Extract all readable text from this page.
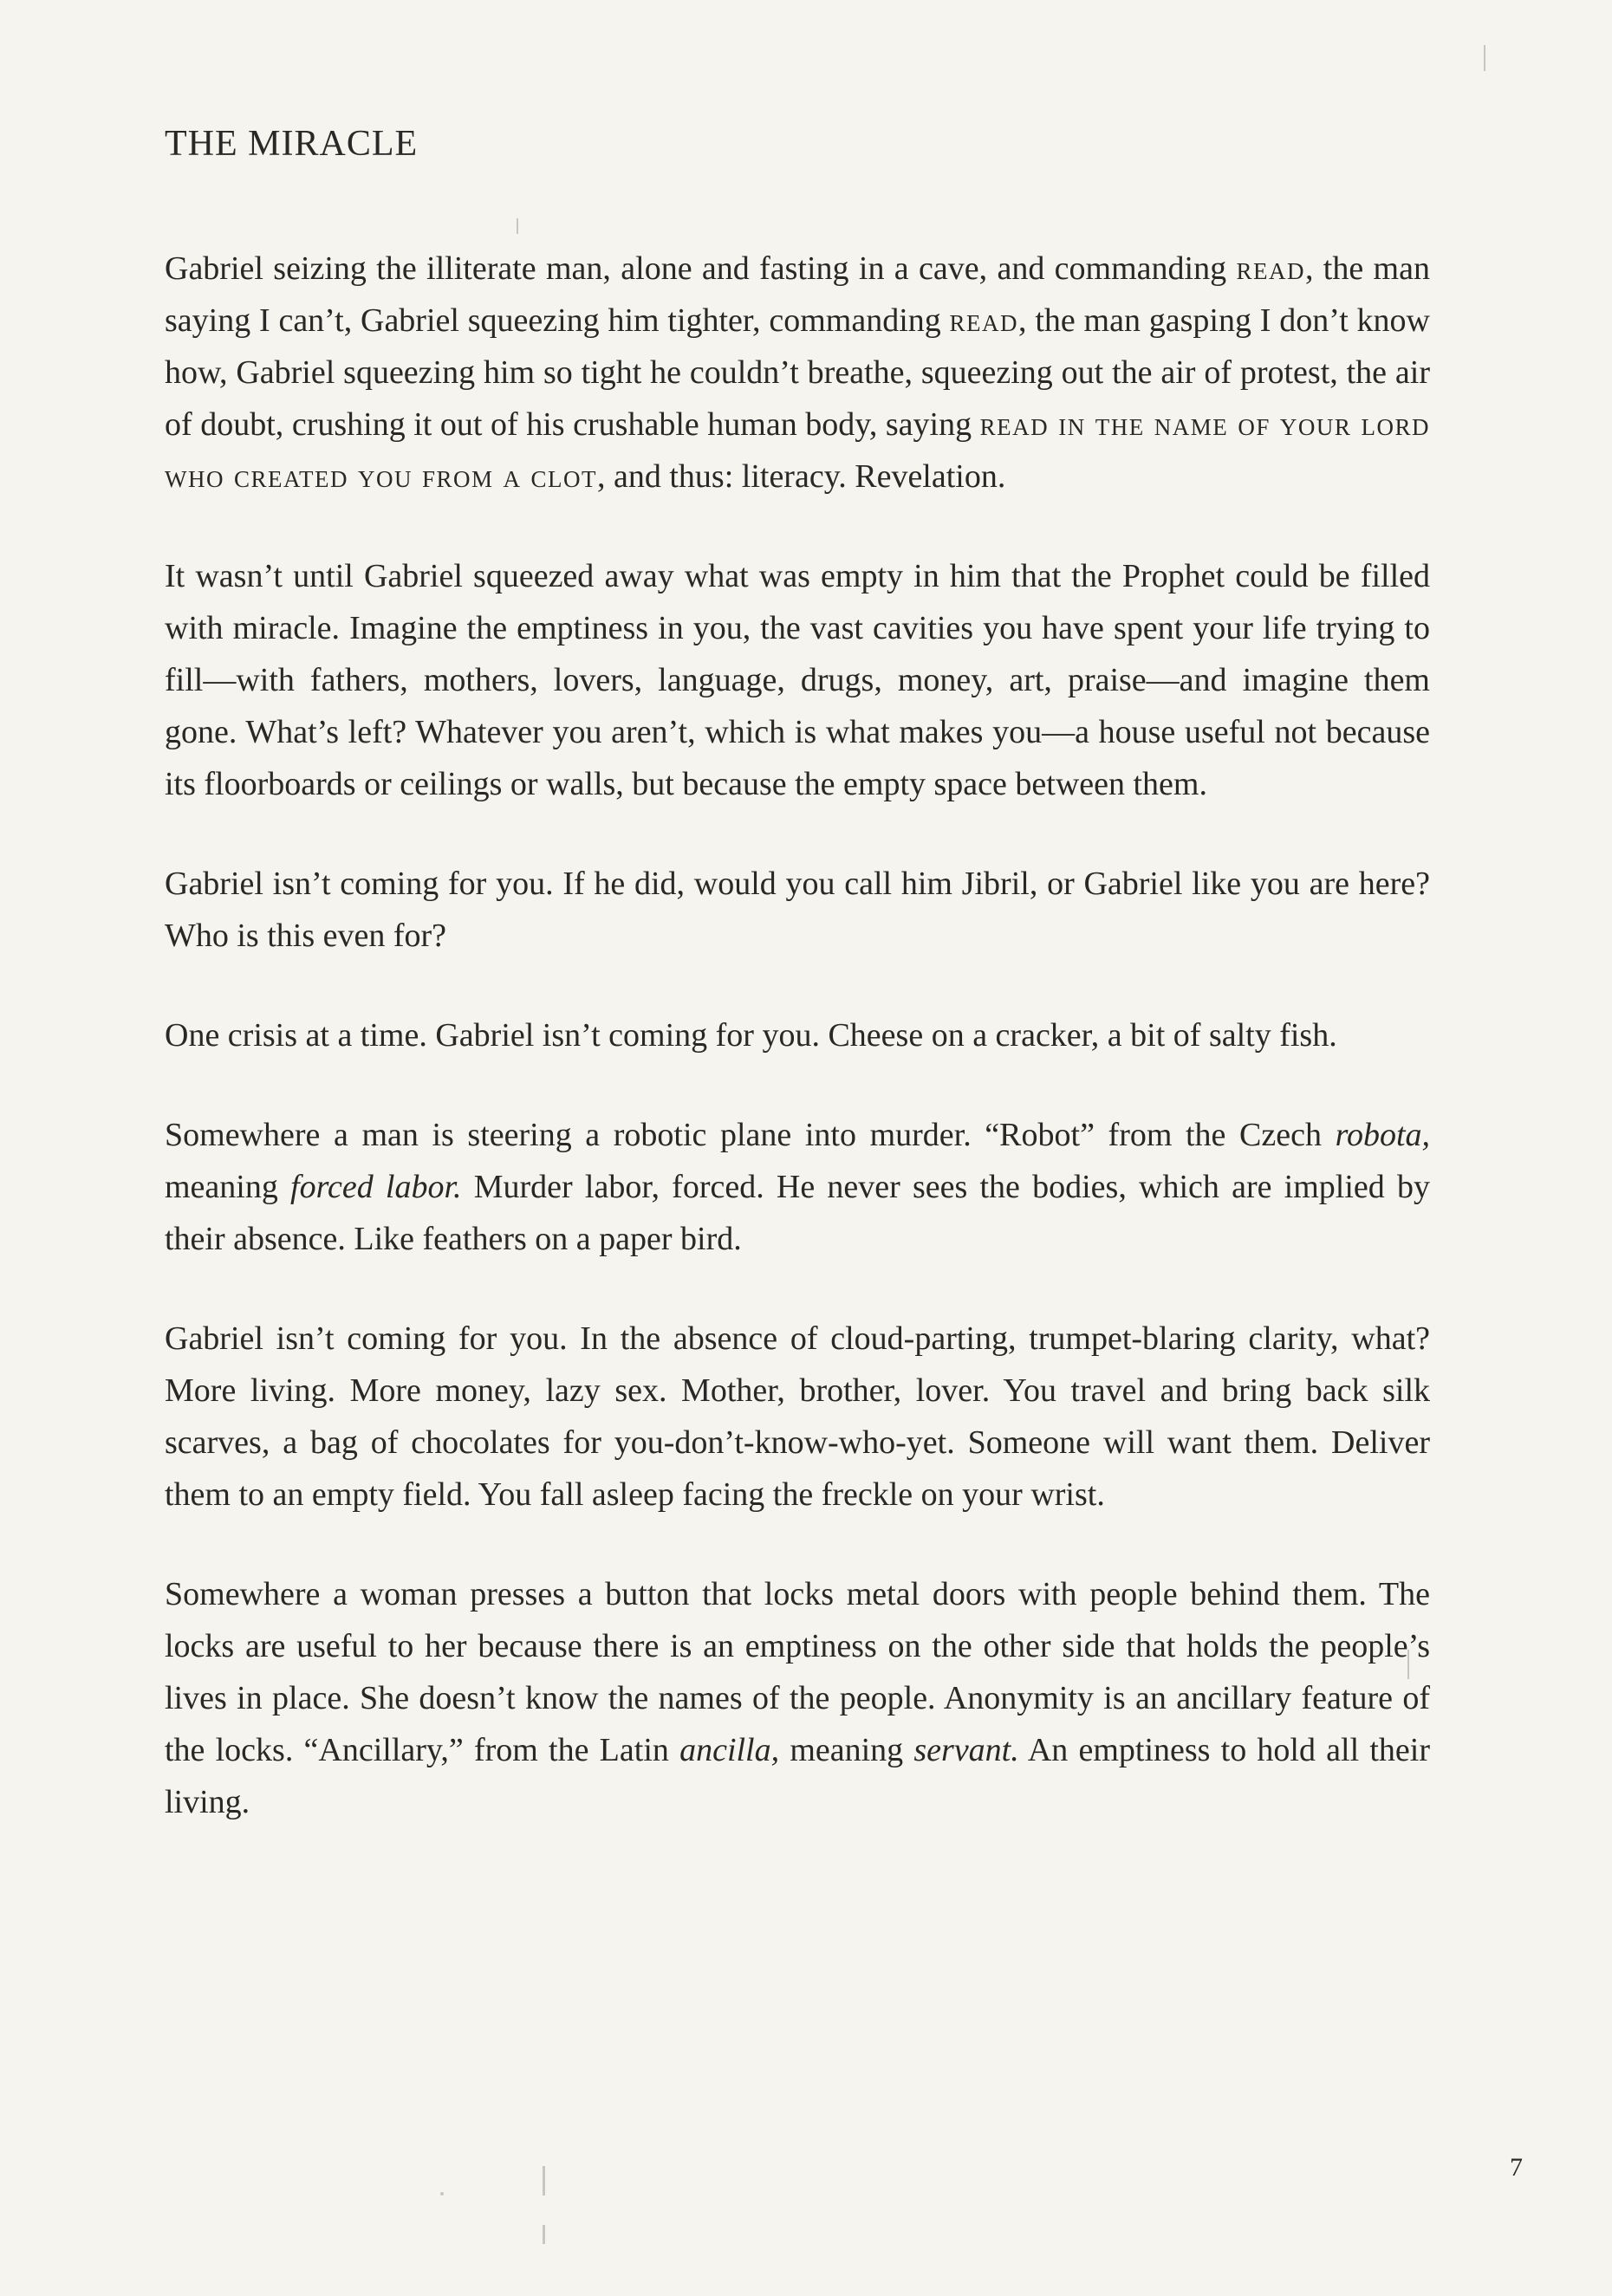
THE MIRACLE

Gabriel seizing the illiterate man, alone and fasting in a cave, and commanding read, the man saying I can’t, Gabriel squeezing him tighter, commanding read, the man gasping I don’t know how, Gabriel squeezing him so tight he couldn’t breathe, squeezing out the air of protest, the air of doubt, crushing it out of his crushable human body, saying read in the name of your lord who created you from a clot, and thus: literacy. Revelation.

It wasn’t until Gabriel squeezed away what was empty in him that the Prophet could be filled with miracle. Imagine the emptiness in you, the vast cavities you have spent your life trying to fill—with fathers, mothers, lovers, language, drugs, money, art, praise—and imagine them gone. What’s left? Whatever you aren’t, which is what makes you—a house useful not because its floorboards or ceilings or walls, but because the empty space between them.

Gabriel isn’t coming for you. If he did, would you call him Jibril, or Gabriel like you are here? Who is this even for?

One crisis at a time. Gabriel isn’t coming for you. Cheese on a cracker, a bit of salty fish.

Somewhere a man is steering a robotic plane into murder. “Robot” from the Czech robota, meaning forced labor. Murder labor, forced. He never sees the bodies, which are implied by their absence. Like feathers on a paper bird.

Gabriel isn’t coming for you. In the absence of cloud-parting, trumpet-blaring clarity, what? More living. More money, lazy sex. Mother, brother, lover. You travel and bring back silk scarves, a bag of chocolates for you-don’t-know-who-yet. Someone will want them. Deliver them to an empty field. You fall asleep facing the freckle on your wrist.

Somewhere a woman presses a button that locks metal doors with people behind them. The locks are useful to her because there is an emptiness on the other side that holds the people’s lives in place. She doesn’t know the names of the people. Anonymity is an ancillary feature of the locks. “Ancillary,” from the Latin ancilla, meaning servant. An emptiness to hold all their living.

7
